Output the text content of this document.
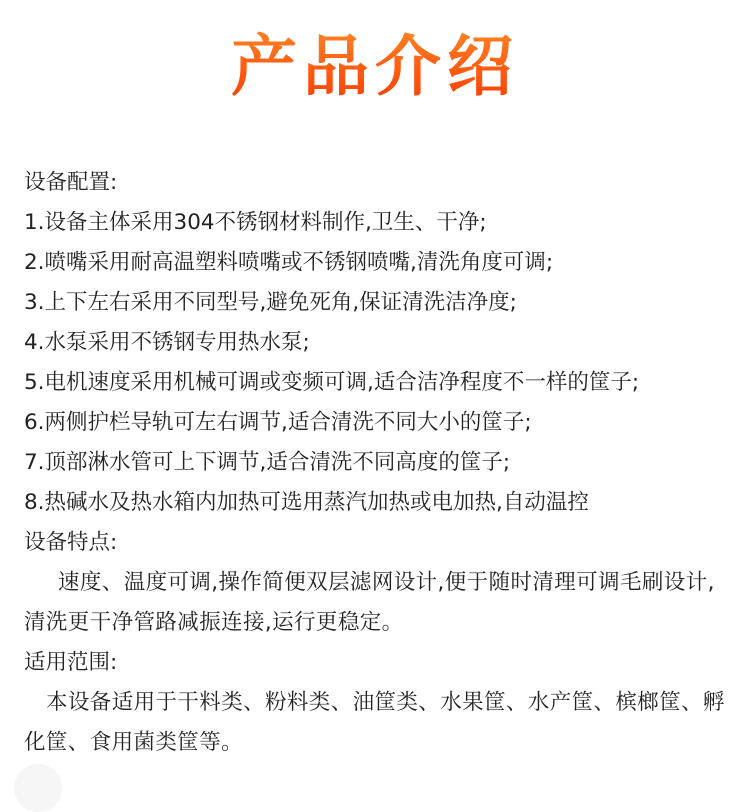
产品介绍
设备配置:
1.设备主体采用304不锈钢材料制作,卫生、干净;
2.喷嘴采用耐高温塑料喷嘴或不锈钢喷嘴,清洗角度可调;
3.上下左右采用不同型号,避免死角,保证清洗洁净度;
4.水泵采用不锈钢专用热水泵;
5.电机速度采用机械可调或变频可调,适合洁净程度不一样的筐子;
6.两侧护栏导轨可左右调节,适合清洗不同大小的筐子;
7.顶部淋水管可上下调节,适合清洗不同高度的筐子;
8.热碱水及热水箱内加热可选用蒸汽加热或电加热,自动温控
设备特点:
速度、温度可调,操作简便双层滤网设计,便于随时清理可调毛刷设计,清洗更干净管路减振连接,运行更稳定。
适用范围:
本设备适用于干料类、粉料类、油筐类、水果筐、水产筐、槟榔筐、孵化筐、食用菌类筐等。
